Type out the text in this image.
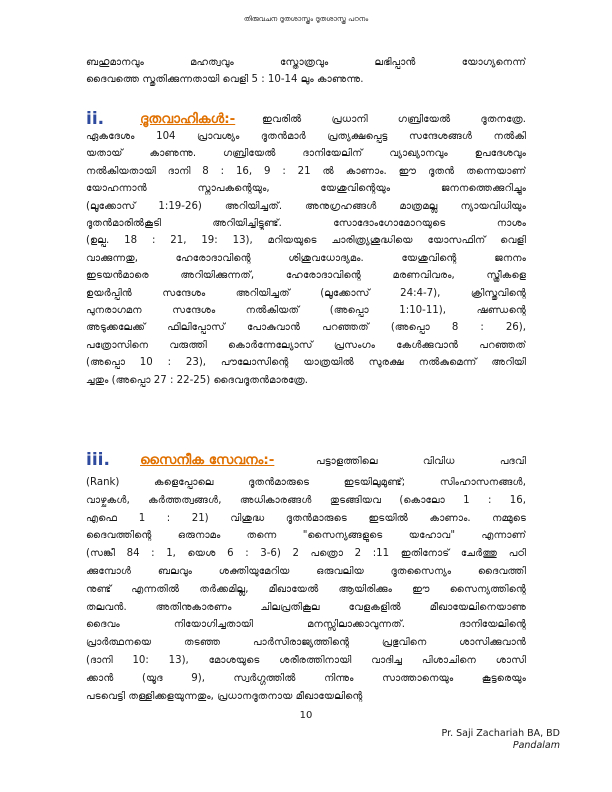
തിരുവചന ദൂതശാസ്ത്രം ദൂതശാസ്ത്ര പഠനം
ബഹുമാനവും മഹത്വവും സ്തോത്രവും ലഭിപ്പാൻ യോഗ്യനെന്ന്
ദൈവത്തെ സ്തുതിക്കുന്നതായി വെളി 5 : 10-14 ലും കാണുന്നു.
ii.	ദൂതവാഹികൾ:-	ഇവരിൽ പ്രധാനി ഗബ്രിയേൽ ദൂതനത്രേ.
ഏകദേശം 104 പ്രാവശ്യം ദൂതൻമാർ പ്രത്യക്ഷപ്പെട്ട സന്ദേശങ്ങൾ നൽകി
യതായ് കാണുന്നു. ഗബ്രിയേൽ ദാനിയേലിന് വ്യാഖ്യാനവും ഉപദേശവും
നൽകിയതായി ദാനി 8 : 16, 9 : 21 ൽ കാണാം. ഈ ദൂതൻ തന്നെയാണ്
യോഹന്നാൻ സ്നാപകന്റെയും, യേശുവിന്റെയും ജനനത്തെക്കുറിച്ചും
(ലൂക്കോസ് 1:19-26) അറിയിച്ചത്. അനുഗ്രഹങ്ങൾ മാത്രമല്ല ന്യായവിധിയും
ദൂതൻമാരിൽകൂടി അറിയിച്ചിട്ടുണ്ട്. സോദോംഗോമോറയുടെ നാശം
(ഉല്പ. 18 : 21, 19: 13), മറിയയുടെ ചാരിത്ര്യശുദ്ധിയെ യോസഫിന് വെളി
വാക്കുന്നതു, ഹേരോദാവിന്റെ ശിശുവധോദ്യമം. യേശുവിന്റെ ജനനം
ഇടയൻമാരെ അറിയിക്കുന്നത്, ഹേരോദാവിന്റെ മരണവിവരം, സ്ത്രീകളെ
ഉയർപ്പിൻ സന്ദേശം അറിയിച്ചത് (ലൂക്കോസ് 24:4-7), ക്രിസ്തുവിന്റെ
പുനരാഗമന സന്ദേശം നൽകിയത് (അപ്പൊ 1:10-11), ഷണ്ഡന്റെ
അടുക്കലേക്ക് ഫിലിപ്പോസ് പോകുവാൻ പറഞ്ഞത് (അപ്പൊ 8 : 26),
പത്രോസിനെ വരുത്തി കൊർന്നേല്യോസ് പ്രസംഗം കേൾക്കുവാൻ പറഞ്ഞത്
(അപ്പൊ 10 : 23), പൗലോസിന്റെ യാത്രയിൽ സുരക്ഷ നൽകുമെന്ന് അറിയി
ച്ചതും (അപ്പൊ 27 : 22-25) ദൈവദൂതൻമാരത്രേ.
iii. സൈനീക സേവനം:-	പട്ടാളത്തിലെ വിവിധ പദവി
(Rank) കളെപ്പോലെ ദൂതൻമാരുടെ ഇടയിലുമുണ്ട്; സിംഹാസനങ്ങൾ,
വാഴ്ചകൾ, കർത്തത്വങ്ങൾ, അധികാരങ്ങൾ തുടങ്ങിയവ (കൊലോ 1 : 16,
എഫെ 1 : 21) വിശുദ്ധ ദൂതൻമാരുടെ ഇടയിൽ കാണാം. നമ്മുടെ
ദൈവത്തിന്റെ ഒരുനാമം തന്നെ "സൈന്യങ്ങളുടെ യഹോവ" എന്നാണ്
(സങ്കീ 84 : 1, യെശ 6 : 3-6) 2 പത്രൊ 2 :11 ഇതിനോട് ചേർത്തു പഠി
ക്കുമ്പോൾ ബലവും ശക്തിയുമേറിയ ഒരുവലിയ ദൂതസൈന്യം ദൈവത്തി
നുണ്ട് എന്നതിൽ തർക്കമില്ല, മീഖായേൽ ആയിരിക്കും ഈ സൈന്യത്തിന്റെ
തലവൻ. അതിനുകാരണം ചിലപ്രതികൂല വേളകളിൽ മീഖായേലിനെയാണു
ദൈവം നിയോഗിച്ചതായി മനസ്സിലാക്കാവുന്നത്. ദാനിയേലിന്റെ
പ്രാർത്ഥനയെ തടഞ്ഞ പാർസിരാജ്യത്തിന്റെ പ്രഭുവിനെ ശാസിക്കുവാൻ
(ദാനി 10: 13), മോശയുടെ ശരീരത്തിനായി വാദിച്ച പിശാചിനെ ശാസി
ക്കാൻ (യൂദ 9), സ്വർഗ്ഗത്തിൽ നിന്നും സാത്താനെയും കൂട്ടരെയും
പടവെട്ടി തള്ളിക്കളയുന്നതും, പ്രധാനദൂതനായ മീഖായേലിന്റെ
10
Pr. Saji Zachariah BA, BD
Pandalam
